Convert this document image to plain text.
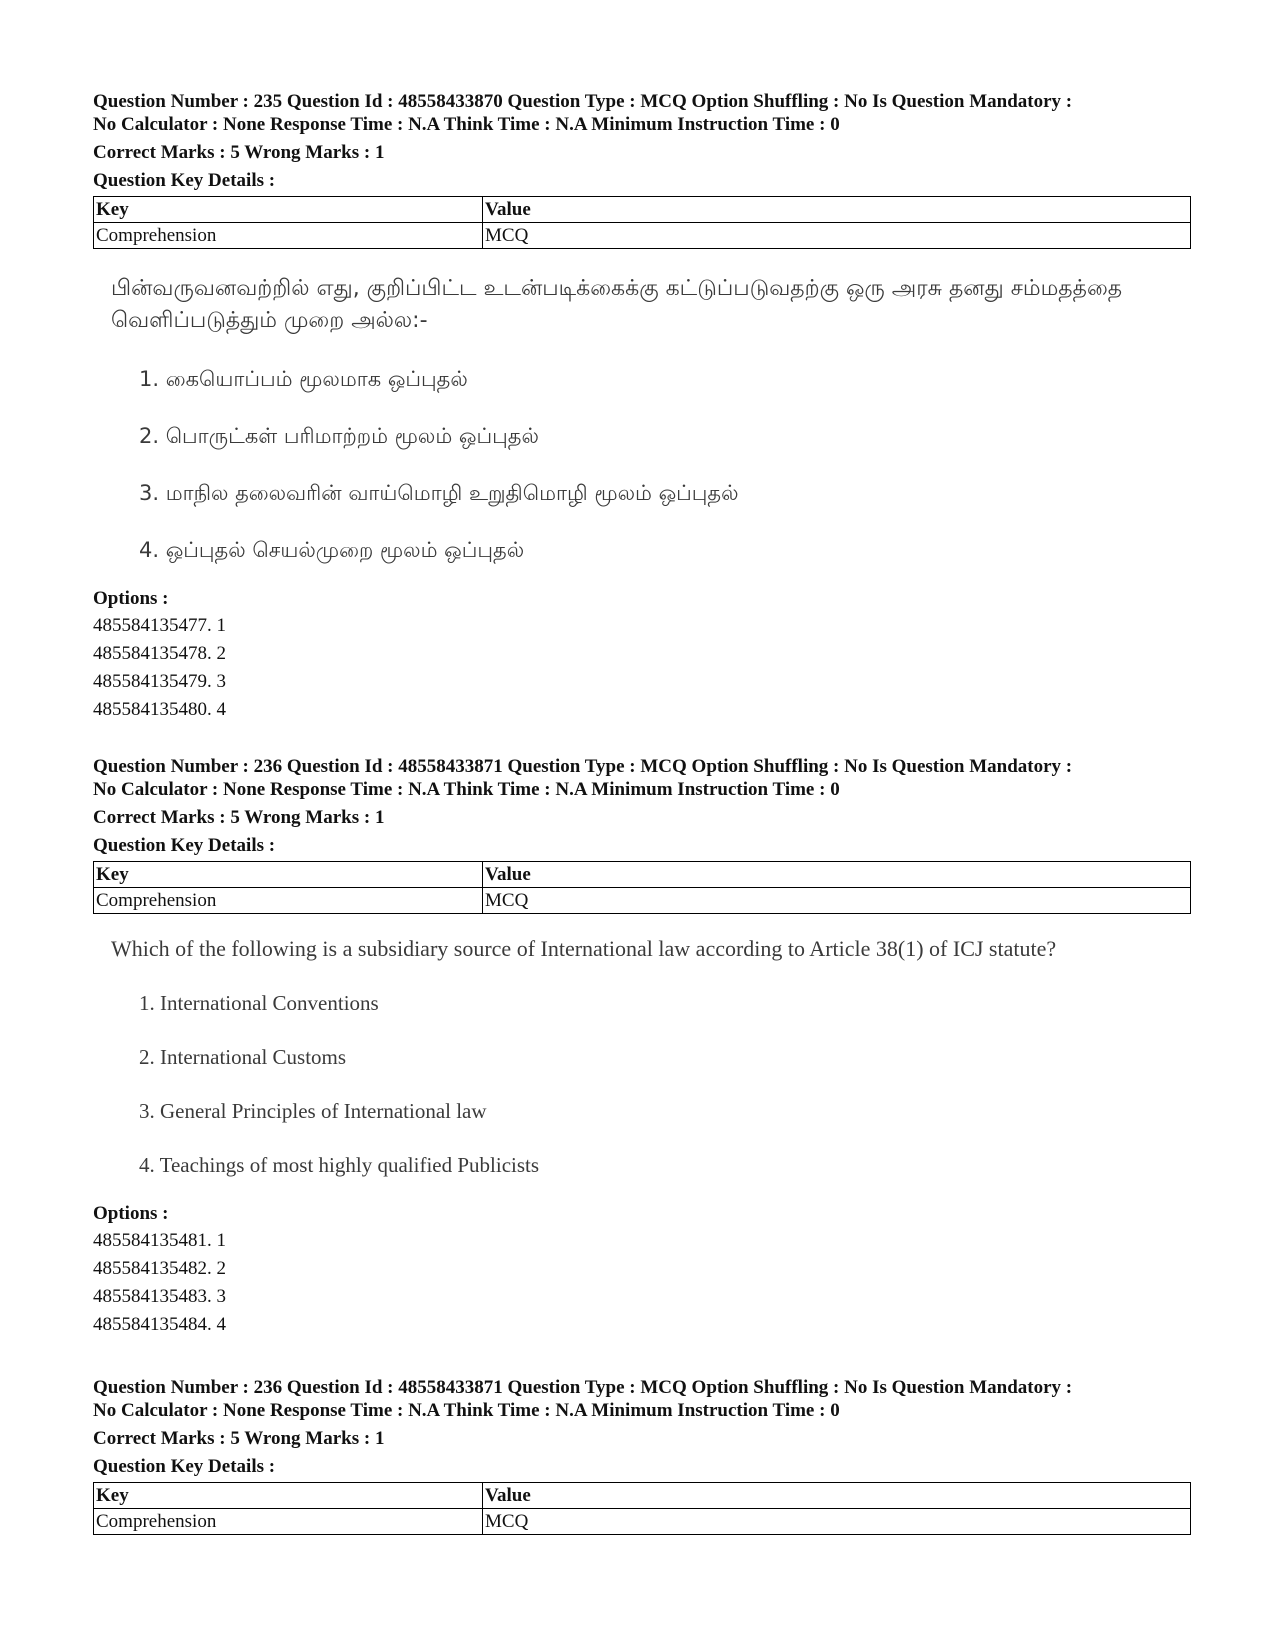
Question Number : 235 Question Id : 48558433870 Question Type : MCQ Option Shuffling : No Is Question Mandatory :

No Calculator : None Response Time : N.A Think Time : N.A Minimum Instruction Time : 0

Correct Marks : 5 Wrong Marks : 1
Question Key Details :
Key	Value
Comprehension	MCQ
பின்வருவனவற்றில் எது, குறிப்பிட்ட உடன்படிக்கைக்கு கட்டுப்படுவதற்கு ஒரு அரசு தனது சம்மதத்தை வெளிப்படுத்தும் முறை அல்ல:-
1. கையொப்பம் மூலமாக ஒப்புதல்
2. பொருட்கள் பரிமாற்றம் மூலம் ஒப்புதல்
3. மாநில தலைவரின் வாய்மொழி உறுதிமொழி மூலம் ஒப்புதல்
4. ஒப்புதல் செயல்முறை மூலம் ஒப்புதல்
Options :
485584135477. 1
485584135478. 2
485584135479. 3
485584135480. 4

Question Number : 236 Question Id : 48558433871 Question Type : MCQ Option Shuffling : No Is Question Mandatory :

No Calculator : None Response Time : N.A Think Time : N.A Minimum Instruction Time : 0

Correct Marks : 5 Wrong Marks : 1
Question Key Details :
Key	Value
Comprehension	MCQ
Which of the following is a subsidiary source of International law according to Article 38(1) of ICJ statute?
1. International Conventions
2. International Customs
3. General Principles of International law
4. Teachings of most highly qualified Publicists
Options :
485584135481. 1
485584135482. 2
485584135483. 3
485584135484. 4

Question Number : 236 Question Id : 48558433871 Question Type : MCQ Option Shuffling : No Is Question Mandatory :

No Calculator : None Response Time : N.A Think Time : N.A Minimum Instruction Time : 0

Correct Marks : 5 Wrong Marks : 1
Question Key Details :
Key	Value
Comprehension	MCQ
